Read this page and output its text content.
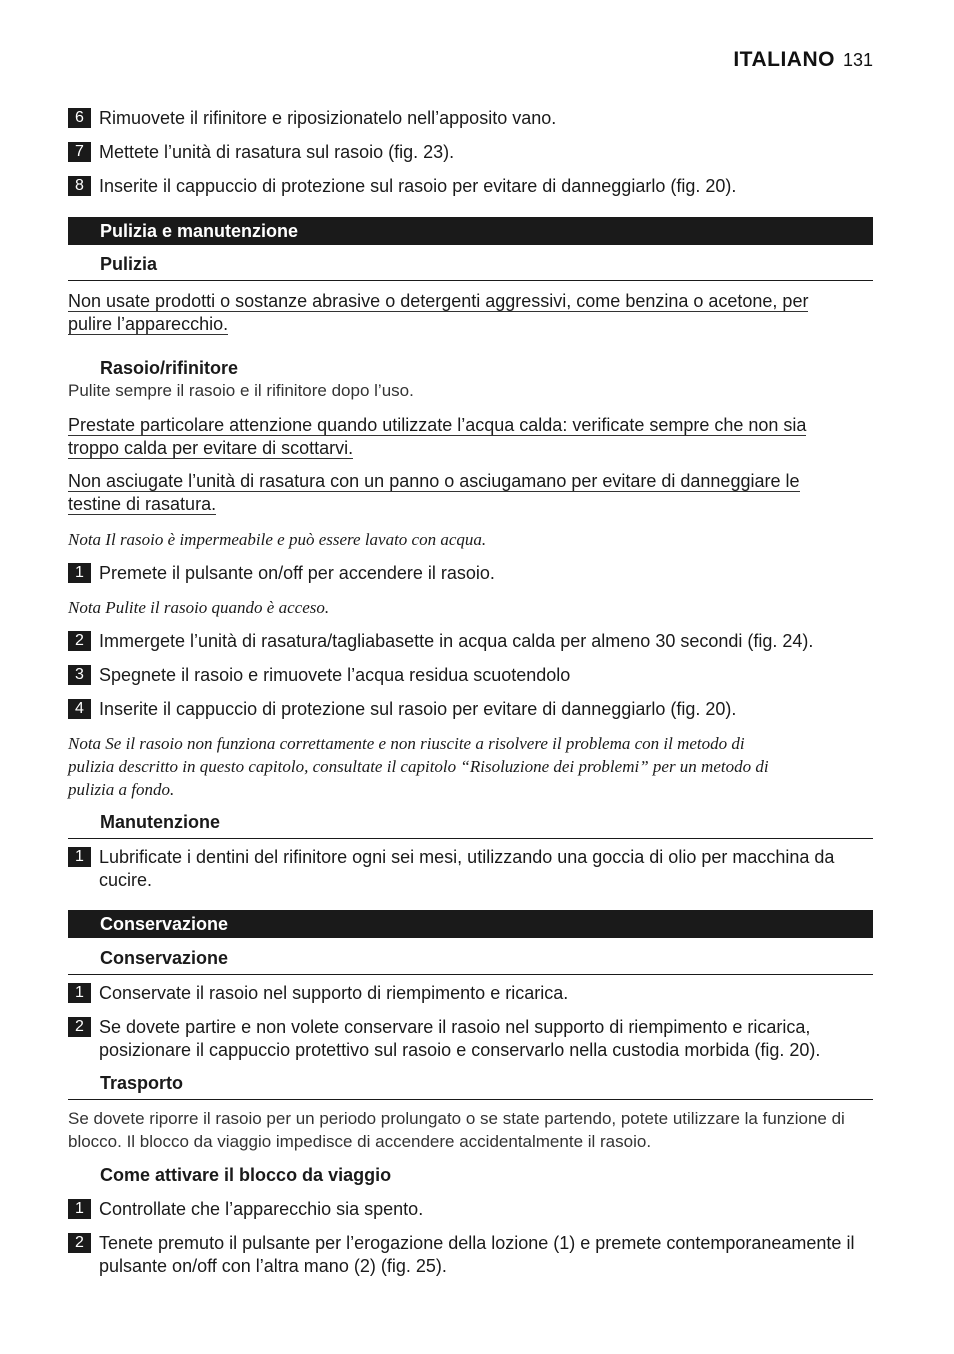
ITALIANO 131
6 Rimuovete il rifinitore e riposizionatelo nell’apposito vano.
7 Mettete l’unità di rasatura sul rasoio (fig. 23).
8 Inserite il cappuccio di protezione sul rasoio per evitare di danneggiarlo (fig. 20).
Pulizia e manutenzione
Pulizia
Non usate prodotti o sostanze abrasive o detergenti aggressivi, come benzina o acetone, per
pulire l’apparecchio.
Rasoio/rifinitore
Pulite sempre il rasoio e il rifinitore dopo l’uso.
Prestate particolare attenzione quando utilizzate l’acqua calda: verificate sempre che non sia
troppo calda per evitare di scottarvi.
Non asciugate l’unità di rasatura con un panno o asciugamano per evitare di danneggiare le
testine di rasatura.
Nota Il rasoio è impermeabile e può essere lavato con acqua.
1 Premete il pulsante on/off per accendere il rasoio.
Nota Pulite il rasoio quando è acceso.
2 Immergete l’unità di rasatura/tagliabasette in acqua calda per almeno 30 secondi (fig. 24).
3 Spegnete il rasoio e rimuovete l’acqua residua scuotendolo
4 Inserite il cappuccio di protezione sul rasoio per evitare di danneggiarlo (fig. 20).
Nota Se il rasoio non funziona correttamente e non riuscite a risolvere il problema con il metodo di
pulizia descritto in questo capitolo, consultate il capitolo “Risoluzione dei problemi” per un metodo di
pulizia a fondo.
Manutenzione
1 Lubrificate i dentini del rifinitore ogni sei mesi, utilizzando una goccia di olio per macchina da cucire.
Conservazione
Conservazione
1 Conservate il rasoio nel supporto di riempimento e ricarica.
2 Se dovete partire e non volete conservare il rasoio nel supporto di riempimento e ricarica, posizionare il cappuccio protettivo sul rasoio e conservarlo nella custodia morbida (fig. 20).
Trasporto
Se dovete riporre il rasoio per un periodo prolungato o se state partendo, potete utilizzare la funzione di blocco. Il blocco da viaggio impedisce di accendere accidentalmente il rasoio.
Come attivare il blocco da viaggio
1 Controllate che l’apparecchio sia spento.
2 Tenete premuto il pulsante per l’erogazione della lozione (1) e premete contemporaneamente il pulsante on/off con l’altra mano (2) (fig. 25).
